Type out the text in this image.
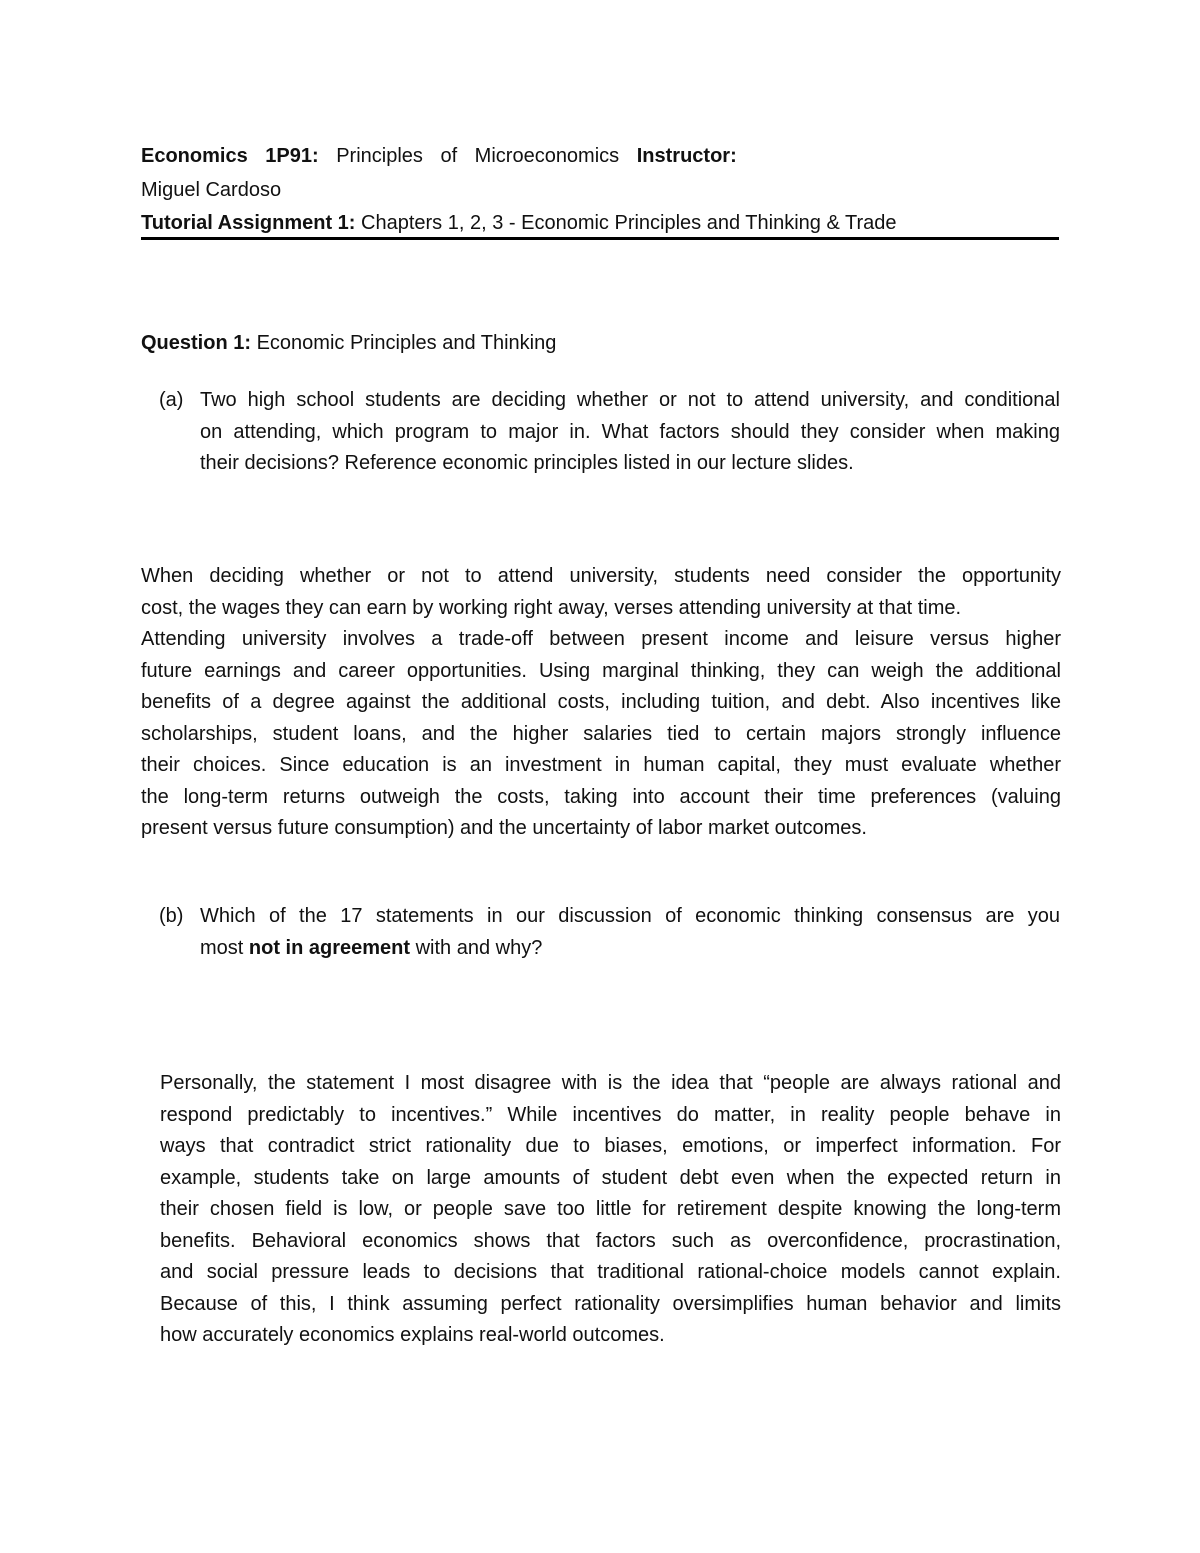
Economics 1P91: Principles of Microeconomics Instructor:
Miguel Cardoso
Tutorial Assignment 1: Chapters 1, 2, 3 - Economic Principles and Thinking & Trade
Question 1: Economic Principles and Thinking
(a) Two high school students are deciding whether or not to attend university, and conditional
on attending, which program to major in. What factors should they consider when making
their decisions? Reference economic principles listed in our lecture slides.
When deciding whether or not to attend university, students need consider the opportunity
cost, the wages they can earn by working right away, verses attending university at that time.
Attending university involves a trade-off between present income and leisure versus higher
future earnings and career opportunities. Using marginal thinking, they can weigh the additional
benefits of a degree against the additional costs, including tuition, and debt. Also incentives like
scholarships, student loans, and the higher salaries tied to certain majors strongly influence
their choices. Since education is an investment in human capital, they must evaluate whether
the long-term returns outweigh the costs, taking into account their time preferences (valuing
present versus future consumption) and the uncertainty of labor market outcomes.
(b) Which of the 17 statements in our discussion of economic thinking consensus are you
most not in agreement with and why?
Personally, the statement I most disagree with is the idea that “people are always rational and
respond predictably to incentives.” While incentives do matter, in reality people behave in
ways that contradict strict rationality due to biases, emotions, or imperfect information. For
example, students take on large amounts of student debt even when the expected return in
their chosen field is low, or people save too little for retirement despite knowing the long-term
benefits. Behavioral economics shows that factors such as overconfidence, procrastination,
and social pressure leads to decisions that traditional rational-choice models cannot explain.
Because of this, I think assuming perfect rationality oversimplifies human behavior and limits
how accurately economics explains real-world outcomes.
